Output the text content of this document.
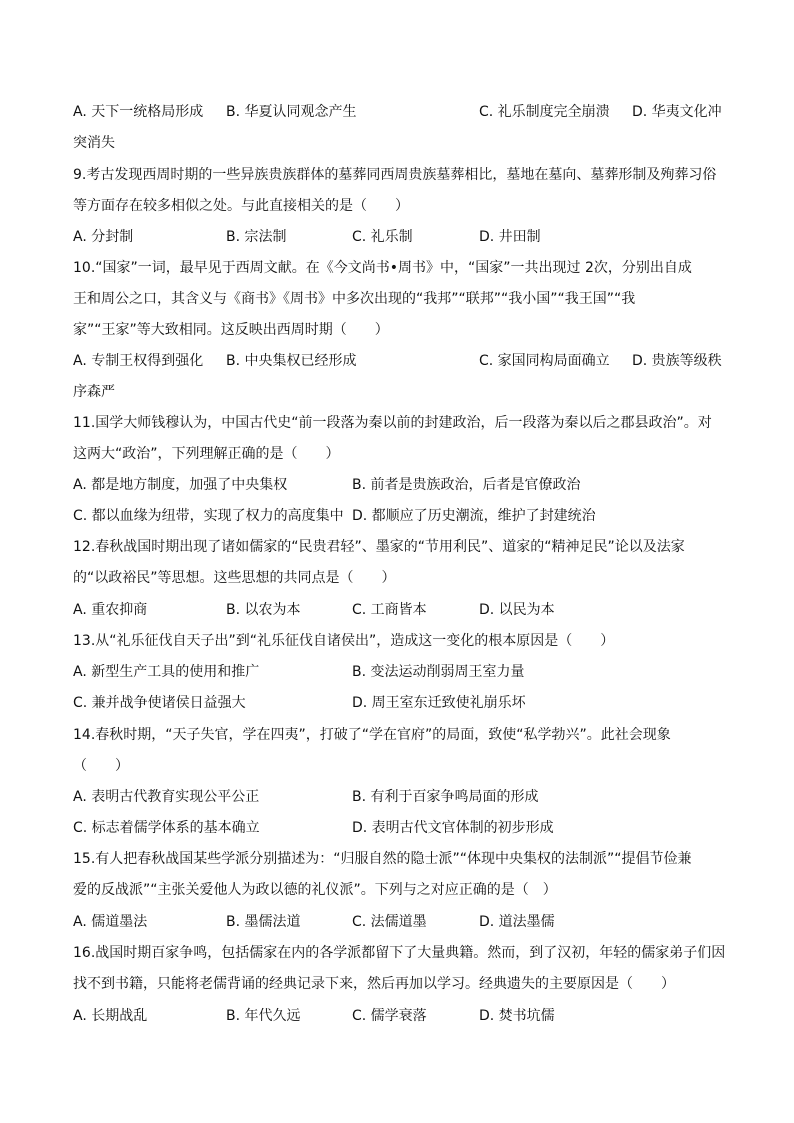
A. 天下一统格局形成 B. 华夏认同观念产生	C. 礼乐制度完全崩溃 D. 华夷文化冲
突消失
9.考古发现西周时期的一些异族贵族群体的墓葬同西周贵族墓葬相比，墓地在墓向、墓葬形制及殉葬习俗
等方面存在较多相似之处。与此直接相关的是（　　）
A. 分封制	B. 宗法制	C. 礼乐制	D. 井田制
10.“国家”一词，最早见于西周文献。在《今文尚书•周书》中，“国家”一共出现过 2次，分别出自成
王和周公之口，其含义与《商书》《周书》中多次出现的“我邦”“联邦”“我小国”“我王国”“我
家”“王家”等大致相同。这反映出西周时期（　　）
A. 专制王权得到强化 B. 中央集权已经形成	C. 家国同构局面确立 D. 贵族等级秩
序森严
11.国学大师钱穆认为，中国古代史“前一段落为秦以前的封建政治，后一段落为秦以后之郡县政治”。对
这两大“政治”，下列理解正确的是（　　）
A. 都是地方制度，加强了中央集权	B. 前者是贵族政治，后者是官僚政治
C. 都以血缘为纽带，实现了权力的高度集中 D. 都顺应了历史潮流，维护了封建统治
12.春秋战国时期出现了诸如儒家的“民贵君轻”、墨家的“节用利民”、道家的“精神足民”论以及法家
的“以政裕民”等思想。这些思想的共同点是（　　）
A. 重农抑商	B. 以农为本	C. 工商皆本	D. 以民为本
13.从“礼乐征伐自天子出”到“礼乐征伐自诸侯出”，造成这一变化的根本原因是（　　）
A. 新型生产工具的使用和推广	B. 变法运动削弱周王室力量
C. 兼并战争使诸侯日益强大	D. 周王室东迁致使礼崩乐坏
14.春秋时期，“天子失官，学在四夷”，打破了“学在官府”的局面，致使“私学勃兴”。此社会现象
（　　）
A. 表明古代教育实现公平公正	B. 有利于百家争鸣局面的形成
C. 标志着儒学体系的基本确立	D. 表明古代文官体制的初步形成
15.有人把春秋战国某些学派分别描述为：“归服自然的隐士派”“体现中央集权的法制派”“提倡节俭兼
爱的反战派”“主张关爱他人为政以德的礼仪派”。下列与之对应正确的是（　）
A. 儒道墨法	B. 墨儒法道	C. 法儒道墨	D. 道法墨儒
16.战国时期百家争鸣，包括儒家在内的各学派都留下了大量典籍。然而，到了汉初，年轻的儒家弟子们因
找不到书籍，只能将老儒背诵的经典记录下来，然后再加以学习。经典遗失的主要原因是（　　）
A. 长期战乱	B. 年代久远	C. 儒学衰落	D. 焚书坑儒
